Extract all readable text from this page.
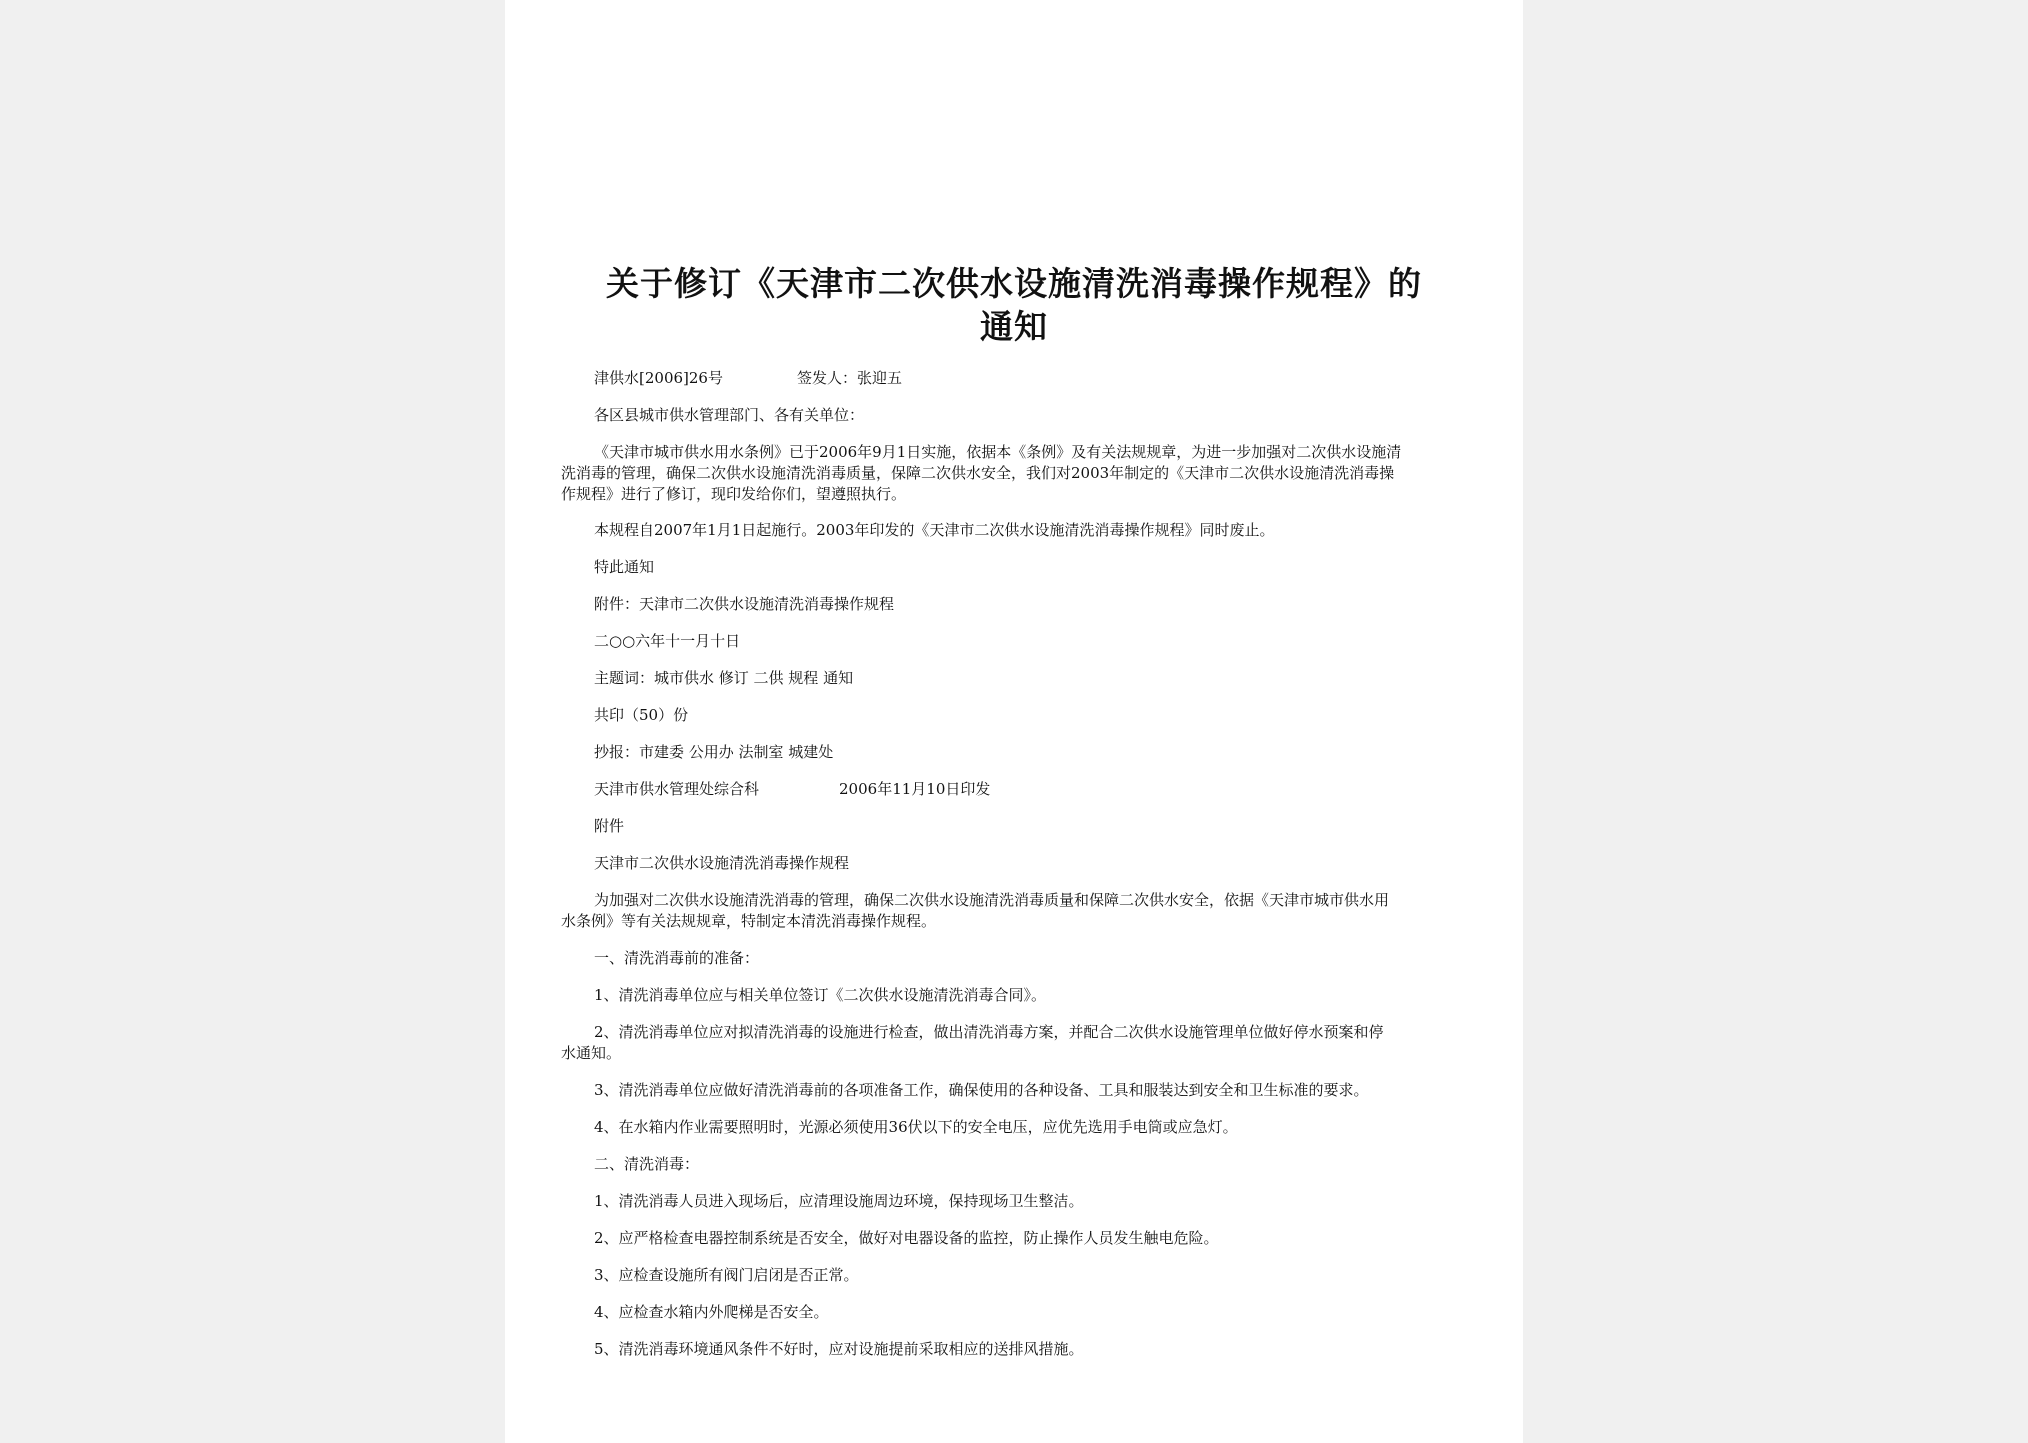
关于修订《天津市二次供水设施清洗消毒操作规程》的
通知
津供水[2006]26号	签发人：张迎五
各区县城市供水管理部门、各有关单位：
《天津市城市供水用水条例》已于2006年9月1日实施，依据本《条例》及有关法规规章，为进一步加强对二次供水设施清
洗消毒的管理，确保二次供水设施清洗消毒质量，保障二次供水安全，我们对2003年制定的《天津市二次供水设施清洗消毒操
作规程》进行了修订，现印发给你们，望遵照执行。
本规程自2007年1月1日起施行。2003年印发的《天津市二次供水设施清洗消毒操作规程》同时废止。
特此通知
附件：天津市二次供水设施清洗消毒操作规程
二○○六年十一月十日
主题词：城市供水 修订 二供 规程 通知
共印（50）份
抄报：市建委 公用办 法制室 城建处
天津市供水管理处综合科	2006年11月10日印发
附件
天津市二次供水设施清洗消毒操作规程
为加强对二次供水设施清洗消毒的管理，确保二次供水设施清洗消毒质量和保障二次供水安全，依据《天津市城市供水用
水条例》等有关法规规章，特制定本清洗消毒操作规程。
一、清洗消毒前的准备：
1、清洗消毒单位应与相关单位签订《二次供水设施清洗消毒合同》。
2、清洗消毒单位应对拟清洗消毒的设施进行检查，做出清洗消毒方案，并配合二次供水设施管理单位做好停水预案和停
水通知。
3、清洗消毒单位应做好清洗消毒前的各项准备工作，确保使用的各种设备、工具和服装达到安全和卫生标准的要求。
4、在水箱内作业需要照明时，光源必须使用36伏以下的安全电压，应优先选用手电筒或应急灯。
二、清洗消毒：
1、清洗消毒人员进入现场后，应清理设施周边环境，保持现场卫生整洁。
2、应严格检查电器控制系统是否安全，做好对电器设备的监控，防止操作人员发生触电危险。
3、应检查设施所有阀门启闭是否正常。
4、应检查水箱内外爬梯是否安全。
5、清洗消毒环境通风条件不好时，应对设施提前采取相应的送排风措施。
